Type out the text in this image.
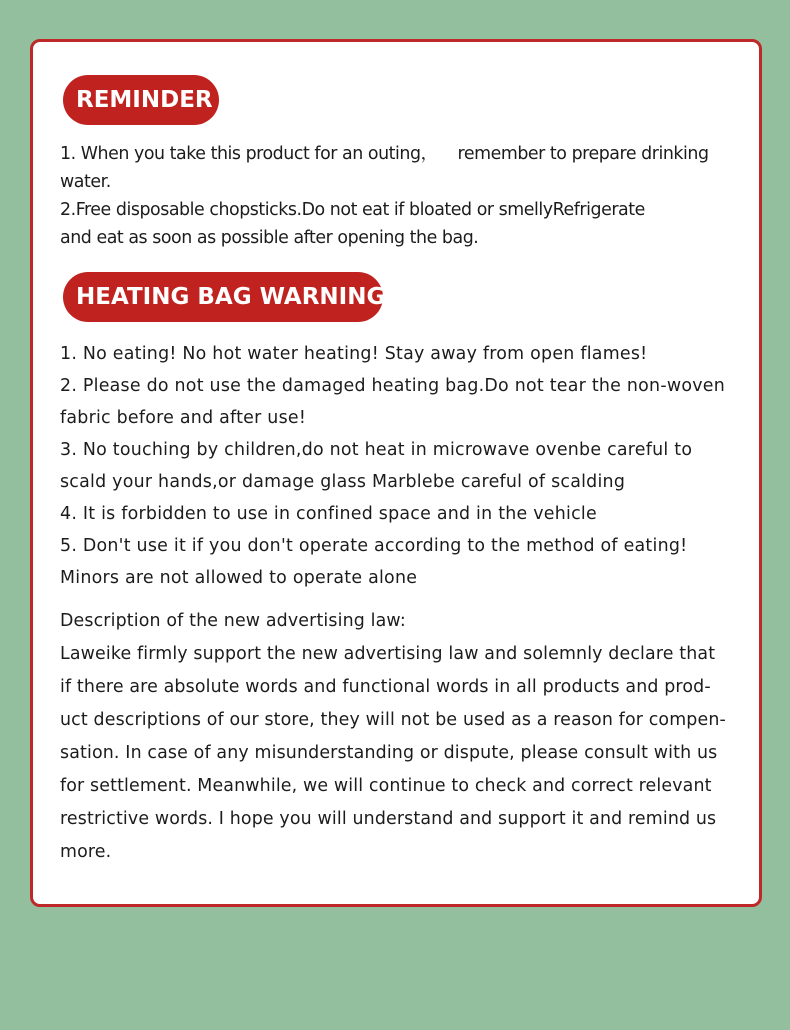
REMINDER
1. When you take this product for an outing， remember to prepare drinking
water.
2.Free disposable chopsticks.Do not eat if bloated or smellyRefrigerate
and eat as soon as possible after opening the bag.
HEATING BAG WARNING
1. No eating! No hot water heating! Stay away from open flames!
2. Please do not use the damaged heating bag.Do not tear the non-woven
fabric before and after use!
3. No touching by children,do not heat in microwave ovenbe careful to
scald your hands,or damage glass Marblebe careful of scalding
4. It is forbidden to use in confined space and in the vehicle
5. Don't use it if you don't operate according to the method of eating!
Minors are not allowed to operate alone
Description of the new advertising law:
Laweike firmly support the new advertising law and solemnly declare that
if there are absolute words and functional words in all products and prod-
uct descriptions of our store, they will not be used as a reason for compen-
sation. In case of any misunderstanding or dispute, please consult with us
for settlement. Meanwhile, we will continue to check and correct relevant
restrictive words. I hope you will understand and support it and remind us
more.
